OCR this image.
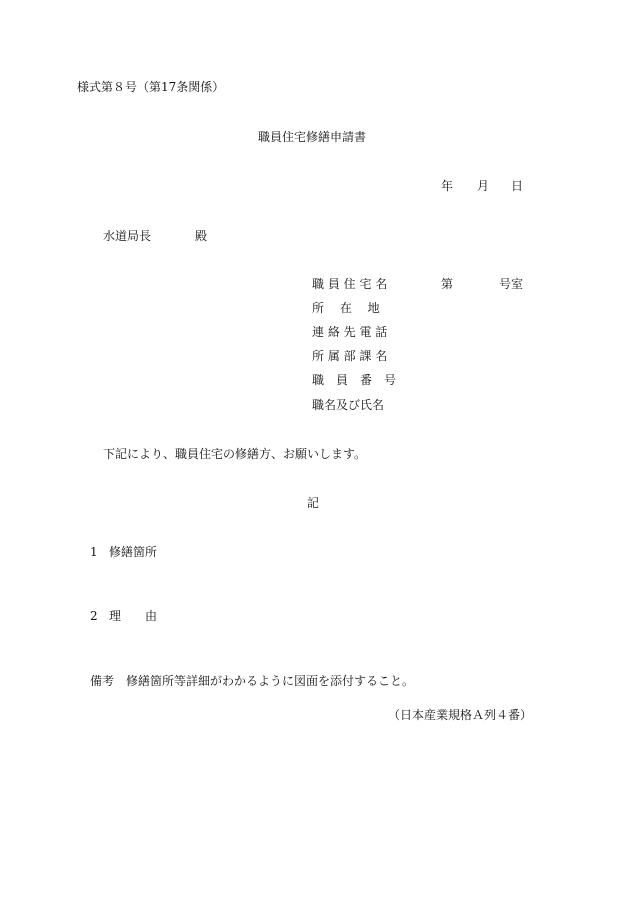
様式第８号（第17条関係）
職員住宅修繕申請書
年 月 日
水道局長	殿
職 員 住 宅 名	第	号室
所　 在　 地
連 絡 先 電 話
所 属 部 課 名
職　員　番　号
職名及び氏名
下記により、職員住宅の修繕方、お願いします。
記
1 修繕箇所
2 理　　由
備考 修繕箇所等詳細がわかるように図面を添付すること。
（日本産業規格Ａ列４番）
